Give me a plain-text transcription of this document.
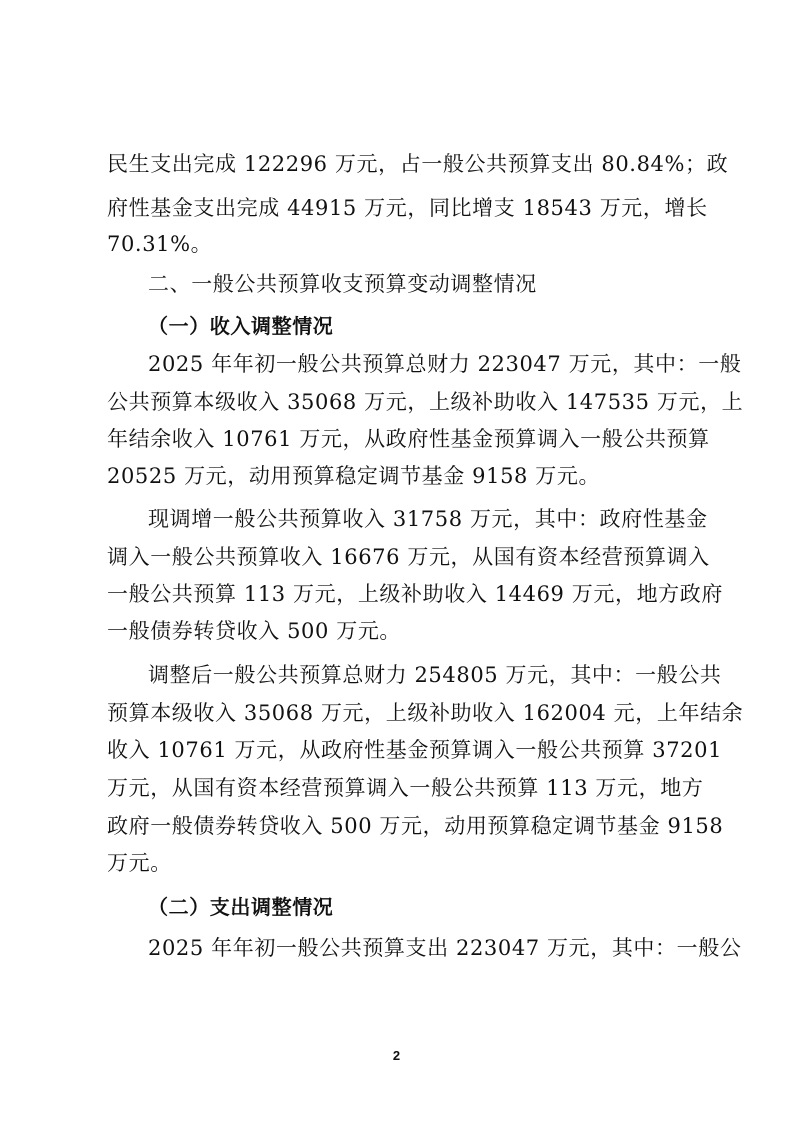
民生支出完成 122296 万元，占一般公共预算支出 80.84%；政
府性基金支出完成 44915 万元，同比增支 18543 万元，增长
70.31%。
二、一般公共预算收支预算变动调整情况
（一）收入调整情况
2025 年年初一般公共预算总财力 223047 万元，其中：一般
公共预算本级收入 35068 万元，上级补助收入 147535 万元，上
年结余收入 10761 万元，从政府性基金预算调入一般公共预算
20525 万元，动用预算稳定调节基金 9158 万元。
现调增一般公共预算收入 31758 万元，其中：政府性基金
调入一般公共预算收入 16676 万元，从国有资本经营预算调入
一般公共预算 113 万元，上级补助收入 14469 万元，地方政府
一般债券转贷收入 500 万元。
调整后一般公共预算总财力 254805 万元，其中：一般公共
预算本级收入 35068 万元，上级补助收入 162004 元，上年结余
收入 10761 万元，从政府性基金预算调入一般公共预算 37201
万元，从国有资本经营预算调入一般公共预算 113 万元，地方
政府一般债券转贷收入 500 万元，动用预算稳定调节基金 9158
万元。
（二）支出调整情况
2025 年年初一般公共预算支出 223047 万元，其中：一般公
2
